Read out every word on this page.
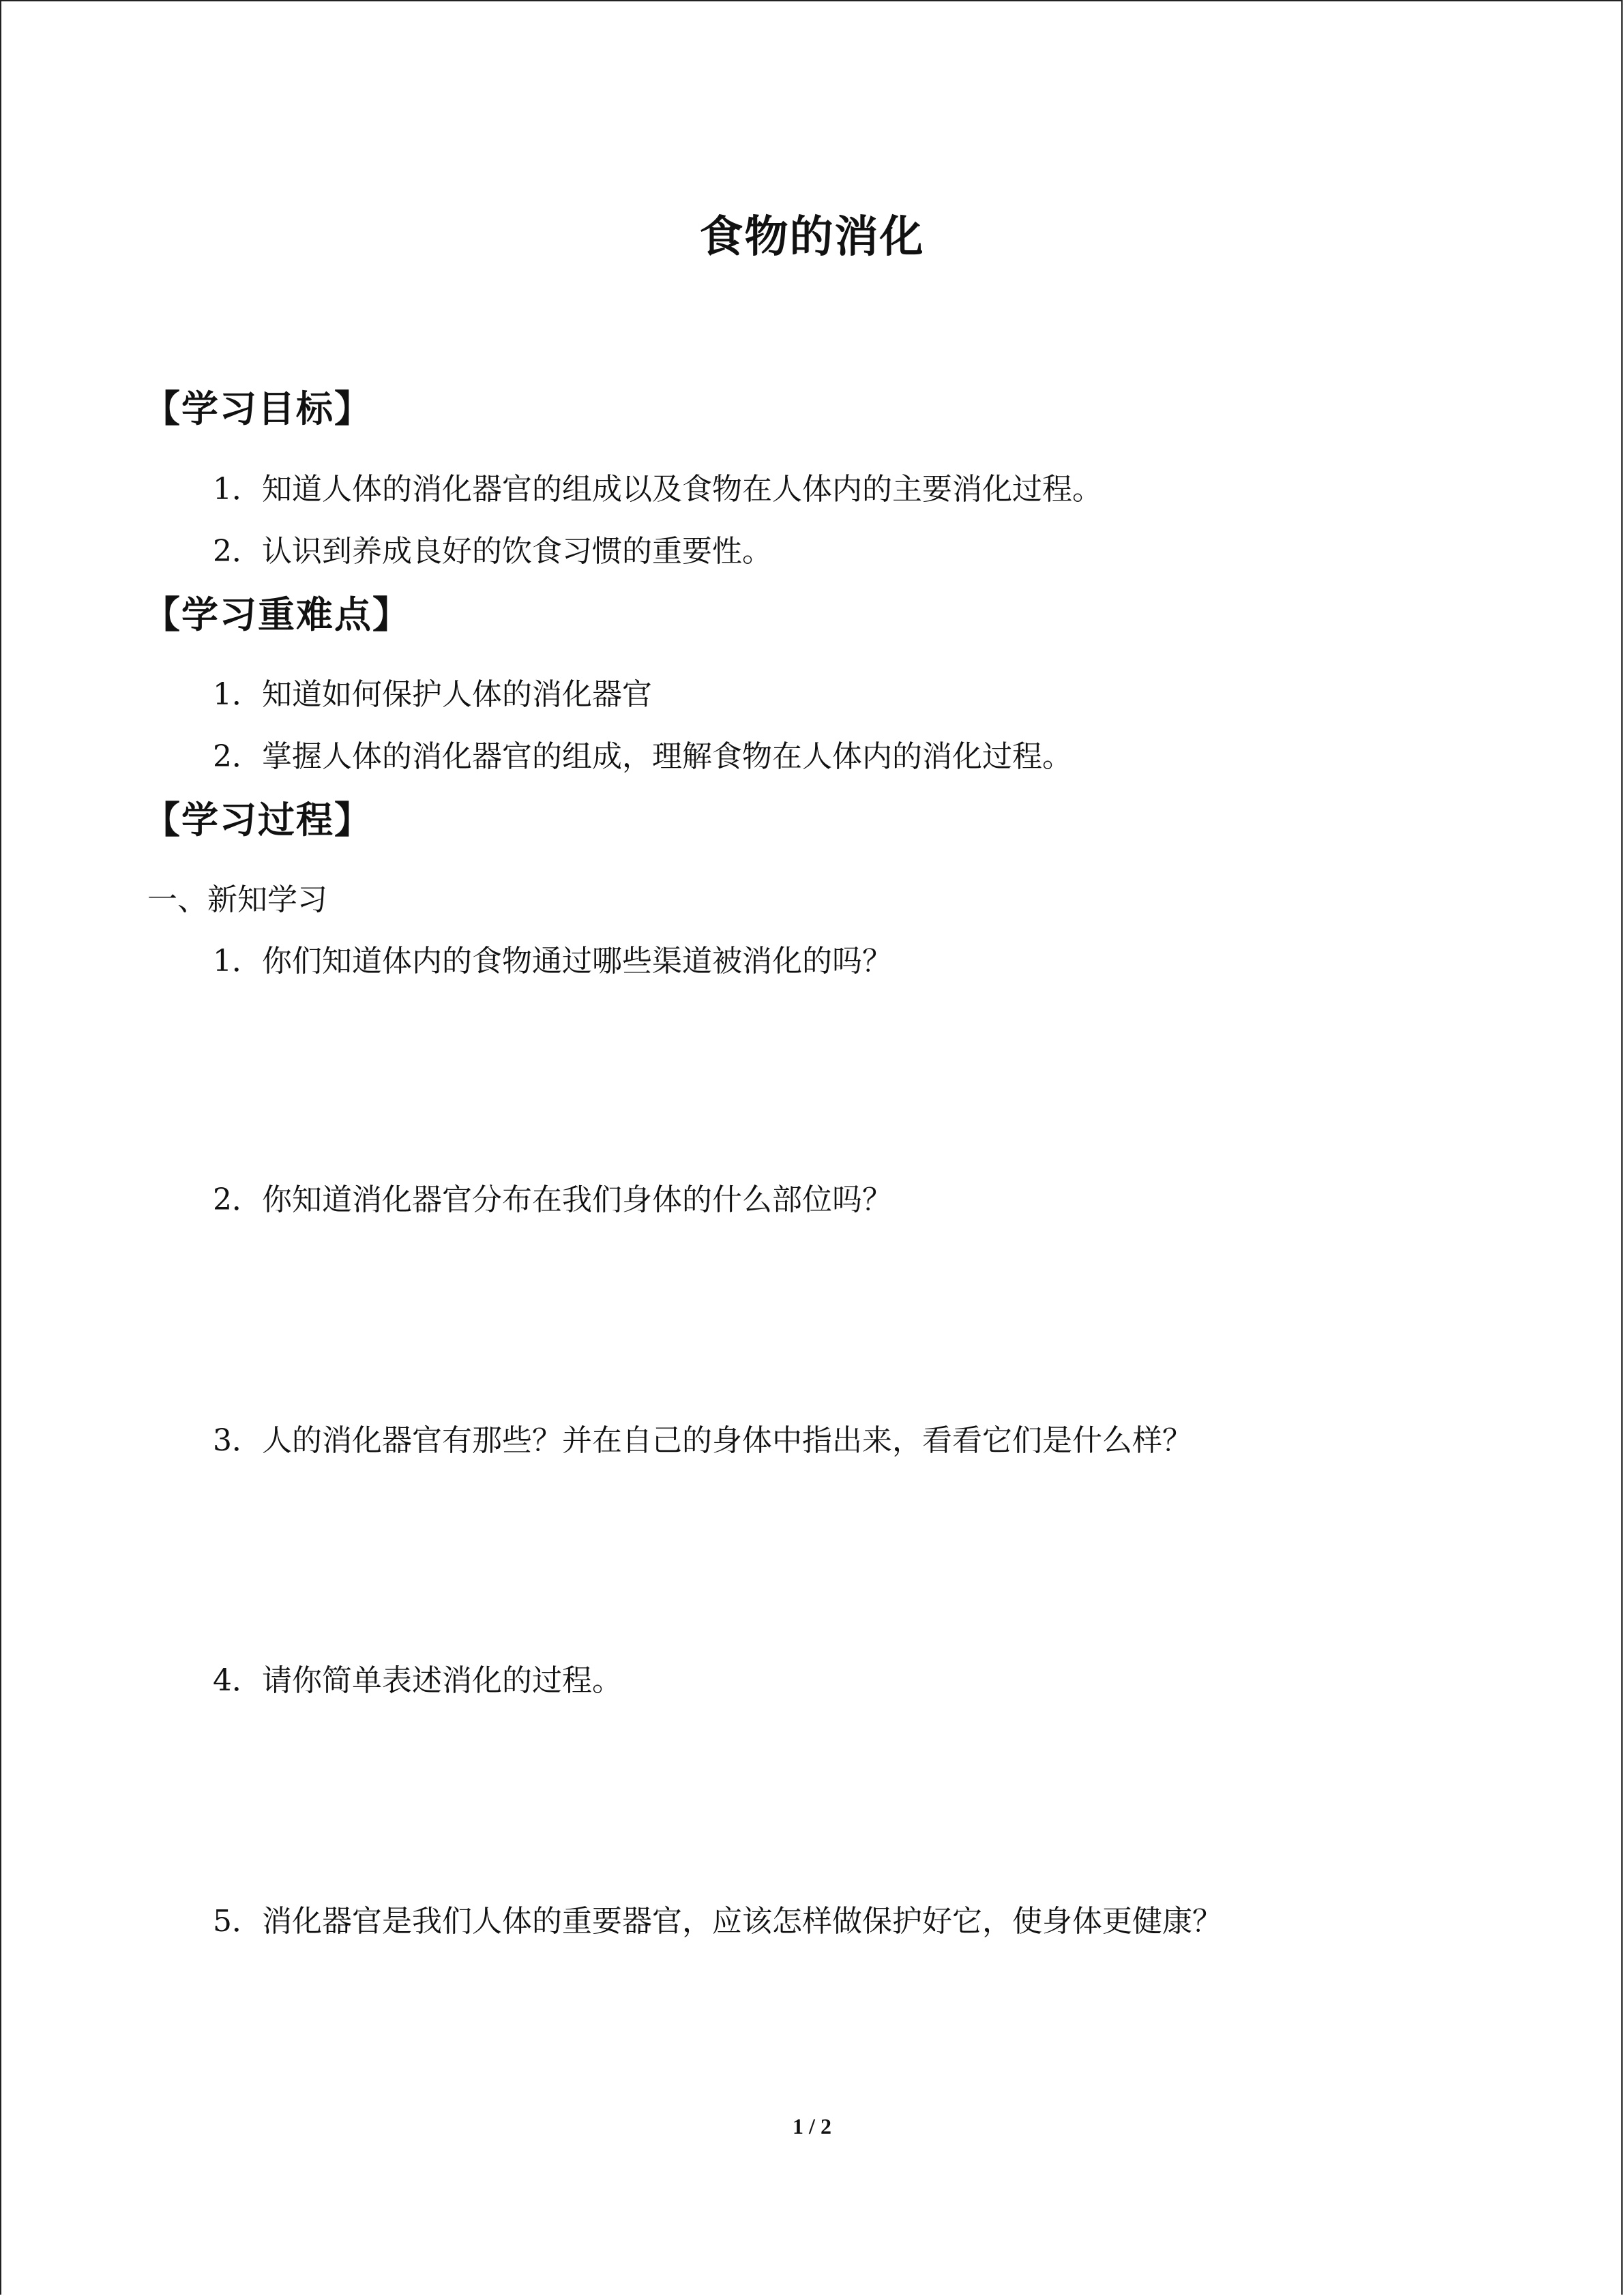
食物的消化
【学习目标】
1．知道人体的消化器官的组成以及食物在人体内的主要消化过程。
2．认识到养成良好的饮食习惯的重要性。
【学习重难点】
1．知道如何保护人体的消化器官
2．掌握人体的消化器官的组成，理解食物在人体内的消化过程。
【学习过程】
一、新知学习
1．你们知道体内的食物通过哪些渠道被消化的吗？
2．你知道消化器官分布在我们身体的什么部位吗？
3．人的消化器官有那些？并在自己的身体中指出来，看看它们是什么样？
4．请你简单表述消化的过程。
5．消化器官是我们人体的重要器官，应该怎样做保护好它，使身体更健康？
1 / 2
